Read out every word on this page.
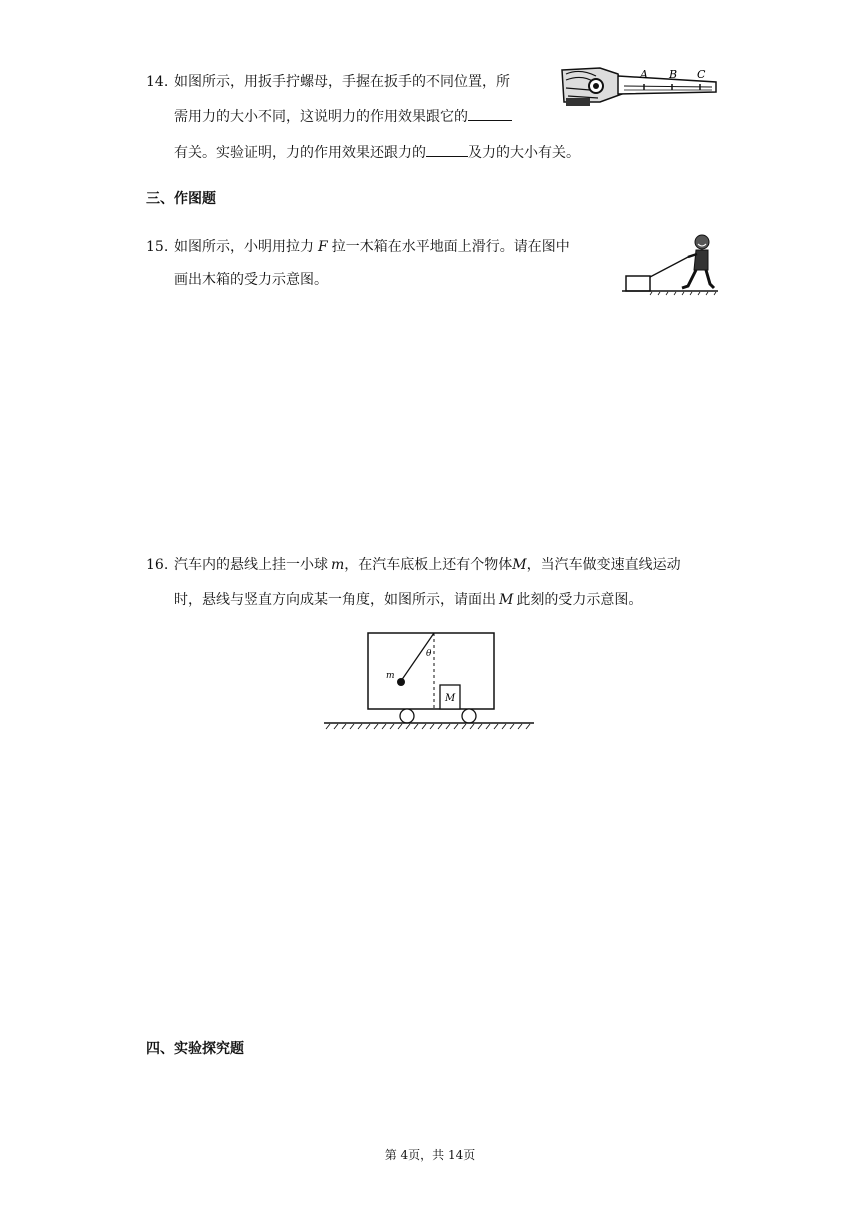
14. 如图所示，用扳手拧螺母，手握在扳手的不同位置，所
需用力的大小不同，这说明力的作用效果跟它的
有关。实验证明，力的作用效果还跟力的	及力的大小有关。
A B C
三、作图题
15. 如图所示，小明用拉力 F 拉一木箱在水平地面上滑行。请在图中
画出木箱的受力示意图。
16. 汽车内的悬线上挂一小球 m，在汽车底板上还有个物体M，当汽车做变速直线运动
时，悬线与竖直方向成某一角度，如图所示，请面出 M 此刻的受力示意图。
m
θ
M
四、实验探究题
第 4页，共 14页
